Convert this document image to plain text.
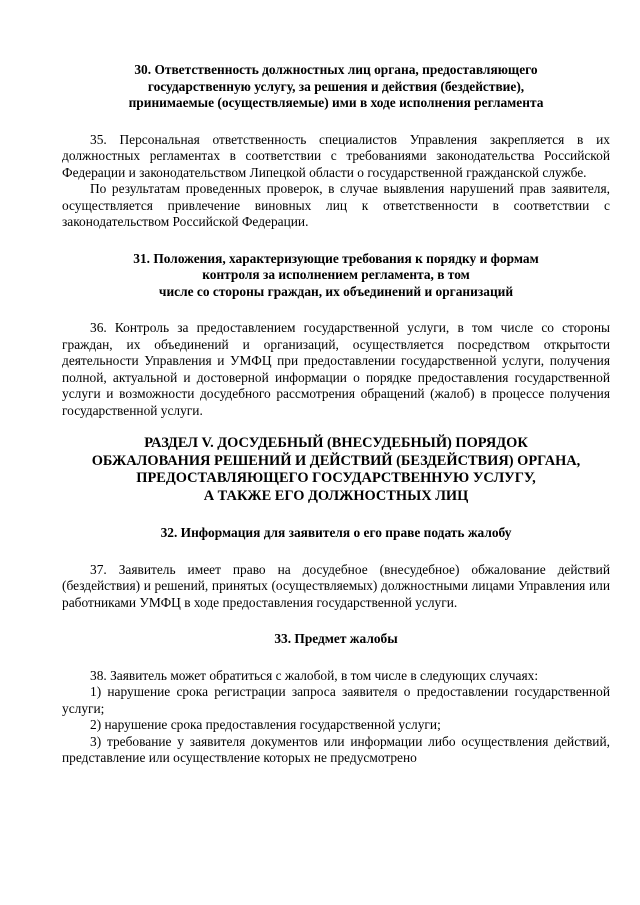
30. Ответственность должностных лиц органа, предоставляющего
государственную услугу, за решения и действия (бездействие),
принимаемые (осуществляемые) ими в ходе исполнения регламента

35. Персональная ответственность специалистов Управления закрепляется в их должностных регламентах в соответствии с требованиями законодательства Российской Федерации и законодательством Липецкой области о государственной гражданской службе.

По результатам проведенных проверок, в случае выявления нарушений прав заявителя, осуществляется привлечение виновных лиц к ответственности в соответствии с законодательством Российской Федерации.

31. Положения, характеризующие требования к порядку и формам
контроля за исполнением регламента, в том
числе со стороны граждан, их объединений и организаций

36. Контроль за предоставлением государственной услуги, в том числе со стороны граждан, их объединений и организаций, осуществляется посредством открытости деятельности Управления и УМФЦ при предоставлении государственной услуги, получения полной, актуальной и достоверной информации о порядке предоставления государственной услуги и возможности досудебного рассмотрения обращений (жалоб) в процессе получения государственной услуги.

РАЗДЕЛ V. ДОСУДЕБНЫЙ (ВНЕСУДЕБНЫЙ) ПОРЯДОК
ОБЖАЛОВАНИЯ РЕШЕНИЙ И ДЕЙСТВИЙ (БЕЗДЕЙСТВИЯ) ОРГАНА,
ПРЕДОСТАВЛЯЮЩЕГО ГОСУДАРСТВЕННУЮ УСЛУГУ,
А ТАКЖЕ ЕГО ДОЛЖНОСТНЫХ ЛИЦ

32. Информация для заявителя о его праве подать жалобу

37. Заявитель имеет право на досудебное (внесудебное) обжалование действий (бездействия) и решений, принятых (осуществляемых) должностными лицами Управления или работниками УМФЦ в ходе предоставления государственной услуги.

33. Предмет жалобы

38. Заявитель может обратиться с жалобой, в том числе в следующих случаях:

1) нарушение срока регистрации запроса заявителя о предоставлении государственной услуги;

2) нарушение срока предоставления государственной услуги;

3) требование у заявителя документов или информации либо осуществления действий, представление или осуществление которых не предусмотрено
